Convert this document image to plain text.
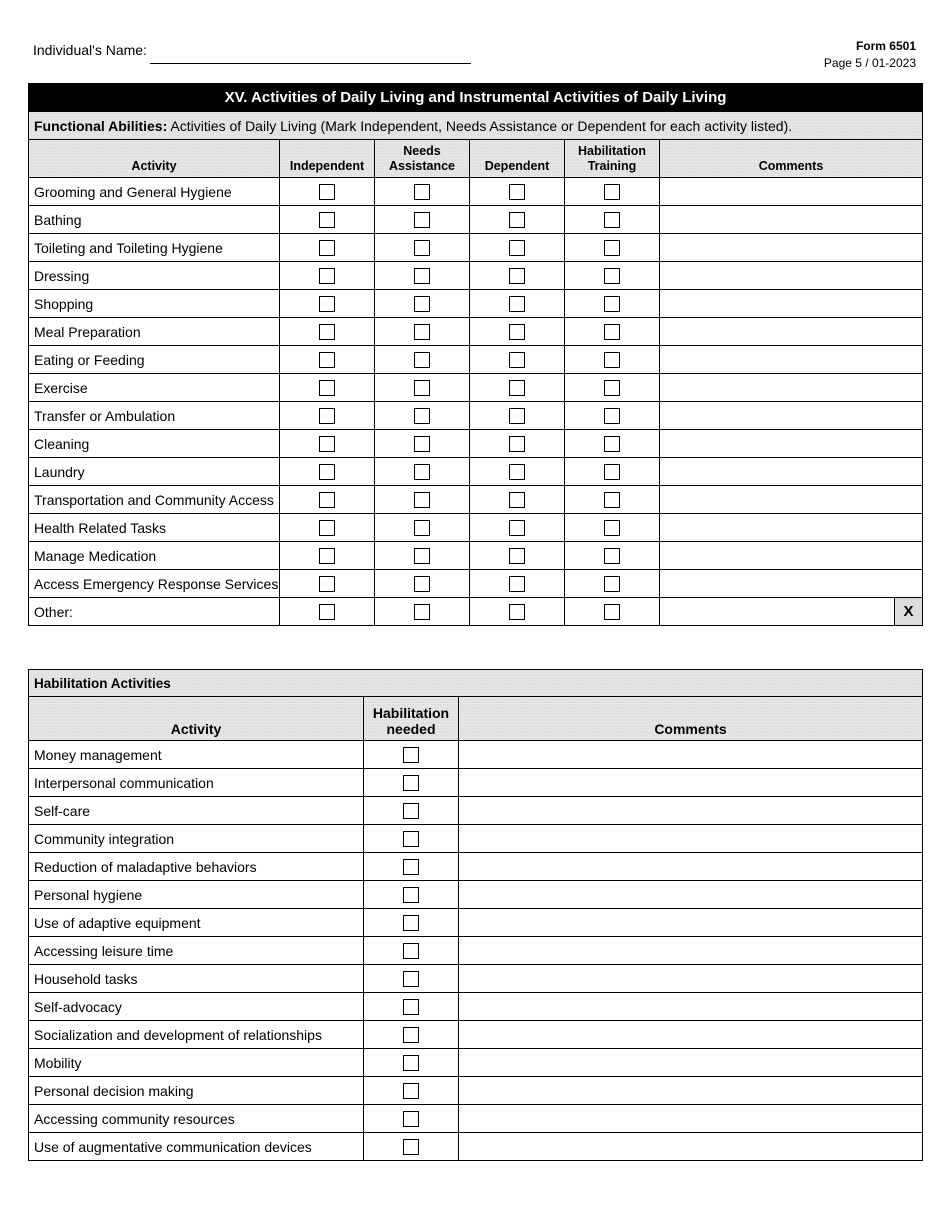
Individual's Name:	Form 6501
Page 5 / 01-2023
XV. Activities of Daily Living and Instrumental Activities of Daily Living					
Functional Abilities: Activities of Daily Living (Mark Independent, Needs Assistance or Dependent for each activity listed).					
Activity	Independent	Needs Assistance	Dependent	Habilitation Training	Comments
Grooming and General Hygiene					
Bathing					
Toileting and Toileting Hygiene					
Dressing					
Shopping					
Meal Preparation					
Eating or Feeding					
Exercise					
Transfer or Ambulation					
Cleaning					
Laundry					
Transportation and Community Access					
Health Related Tasks					
Manage Medication					
Access Emergency Response Services					
Other:					X
Habilitation Activities		
Activity	Habilitation needed	Comments
Money management		
Interpersonal communication		
Self-care		
Community integration		
Reduction of maladaptive behaviors		
Personal hygiene		
Use of adaptive equipment		
Accessing leisure time		
Household tasks		
Self-advocacy		
Socialization and development of relationships		
Mobility		
Personal decision making		
Accessing community resources		
Use of augmentative communication devices		
